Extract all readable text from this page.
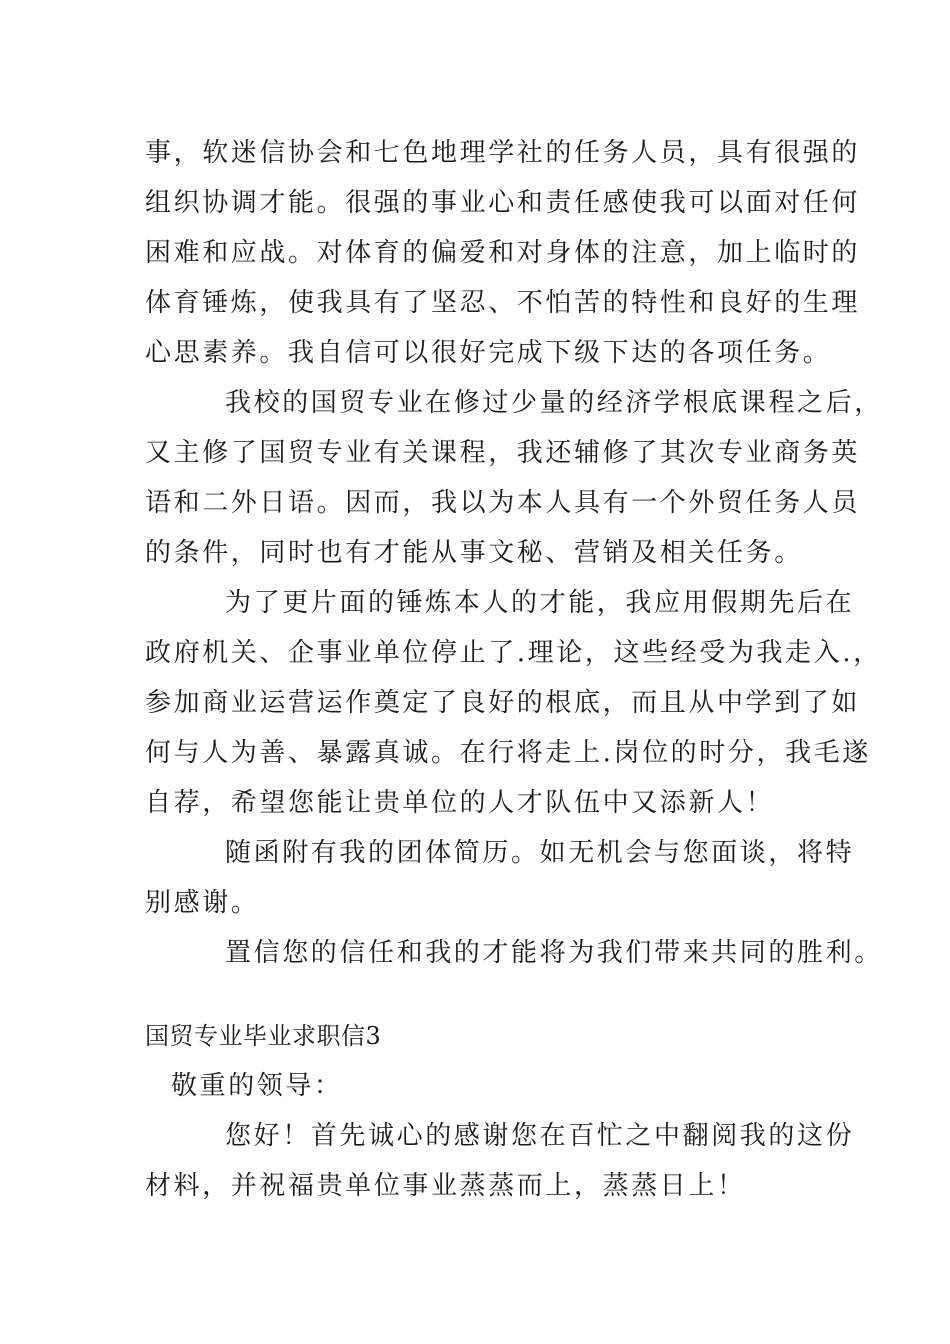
事，软迷信协会和七色地理学社的任务人员，具有很强的
组织协调才能。很强的事业心和责任感使我可以面对任何
困难和应战。对体育的偏爱和对身体的注意，加上临时的
体育锤炼，使我具有了坚忍、不怕苦的特性和良好的生理
心思素养。我自信可以很好完成下级下达的各项任务。
我校的国贸专业在修过少量的经济学根底课程之后，
又主修了国贸专业有关课程，我还辅修了其次专业商务英
语和二外日语。因而，我以为本人具有一个外贸任务人员
的条件，同时也有才能从事文秘、营销及相关任务。
为了更片面的锤炼本人的才能，我应用假期先后在
政府机关、企事业单位停止了.理论，这些经受为我走入.，
参加商业运营运作奠定了良好的根底，而且从中学到了如
何与人为善、暴露真诚。在行将走上.岗位的时分，我毛遂
自荐，希望您能让贵单位的人才队伍中又添新人！
随函附有我的团体简历。如无机会与您面谈，将特
别感谢。
置信您的信任和我的才能将为我们带来共同的胜利。
国贸专业毕业求职信3
敬重的领导：
您好！首先诚心的感谢您在百忙之中翻阅我的这份
材料，并祝福贵单位事业蒸蒸而上，蒸蒸日上！
